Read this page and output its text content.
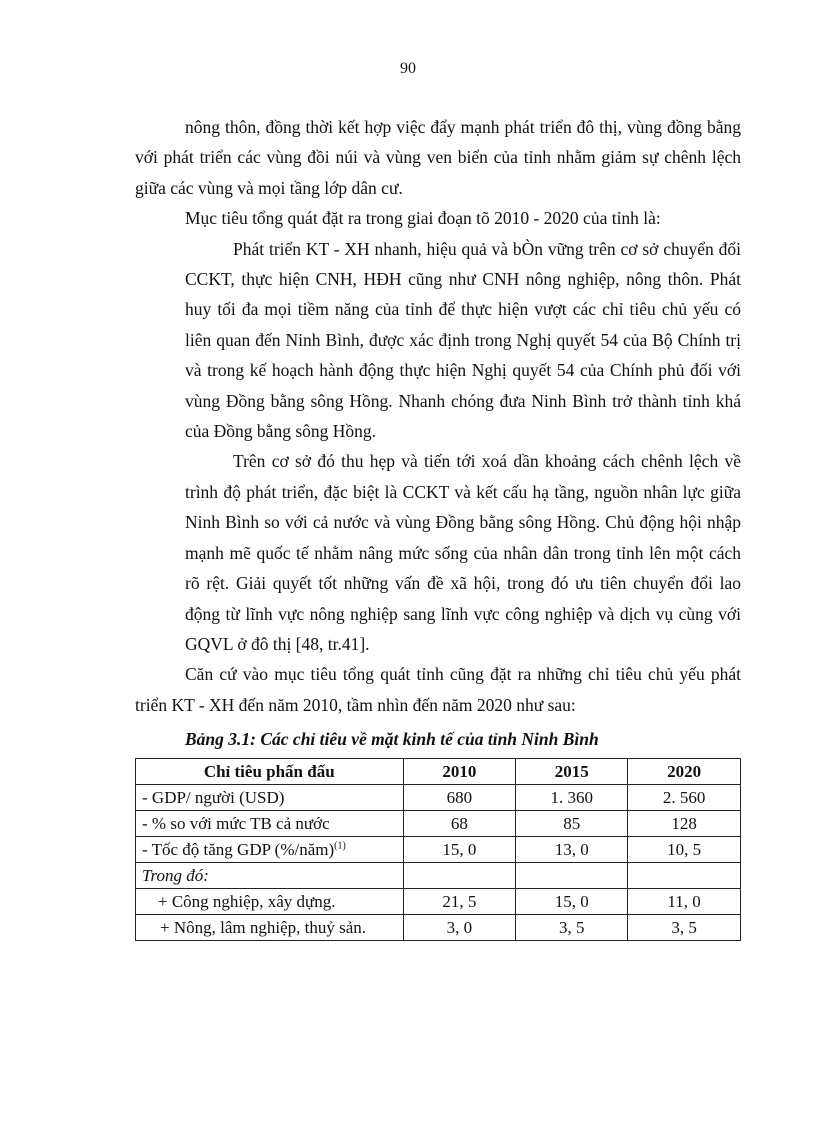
90

nông thôn, đồng thời kết hợp việc đẩy mạnh phát triển đô thị, vùng đồng bằng với phát triển các vùng đồi núi và vùng ven biển của tỉnh nhằm giảm sự chênh lệch giữa các vùng và mọi tầng lớp dân cư.

Mục tiêu tổng quát đặt ra trong giai đoạn tõ 2010 - 2020 của tỉnh là:

Phát triển KT - XH nhanh, hiệu quả và bÒn vững trên cơ sở chuyển đổi CCKT, thực hiện CNH, HĐH cũng như CNH nông nghiệp, nông thôn. Phát huy tối đa mọi tiềm năng của tỉnh để thực hiện vượt các chỉ tiêu chủ yếu có liên quan đến Ninh Bình, được xác định trong Nghị quyết 54 của Bộ Chính trị và trong kế hoạch hành động thực hiện Nghị quyết 54 của Chính phủ đối với vùng Đồng bằng sông Hồng. Nhanh chóng đưa Ninh Bình trở thành tỉnh khá của Đồng bằng sông Hồng.

Trên cơ sở đó thu hẹp và tiến tới xoá dần khoảng cách chênh lệch về trình độ phát triển, đặc biệt là CCKT và kết cấu hạ tầng, nguồn nhân lực giữa Ninh Bình so với cả nước và vùng Đồng bằng sông Hồng. Chủ động hội nhập mạnh mẽ quốc tế nhằm nâng mức sống của nhân dân trong tỉnh lên một cách rõ rệt. Giải quyết tốt những vấn đề xã hội, trong đó ưu tiên chuyển đổi lao động từ lĩnh vực nông nghiệp sang lĩnh vực công nghiệp và dịch vụ cùng với GQVL ở đô thị [48, tr.41].

Căn cứ vào mục tiêu tổng quát tỉnh cũng đặt ra những chỉ tiêu chủ yếu phát triển KT - XH đến năm 2010, tầm nhìn đến năm 2020 như sau:

Bảng 3.1: Các chỉ tiêu về mặt kinh tế của tỉnh Ninh Bình
Chỉ tiêu phấn đấu	2010	2015	2020
- GDP/ người (USD)	680	1. 360	2. 560
- % so với mức TB cả nước	68	85	128
- Tốc độ tăng GDP (%/năm)$^{(1)}$	15, 0	13, 0	10, 5
Trong đó:			
+ Công nghiệp, xây dựng.	21, 5	15, 0	11, 0
+ Nông, lâm nghiệp, thuỷ sản.	3, 0	3, 5	3, 5
